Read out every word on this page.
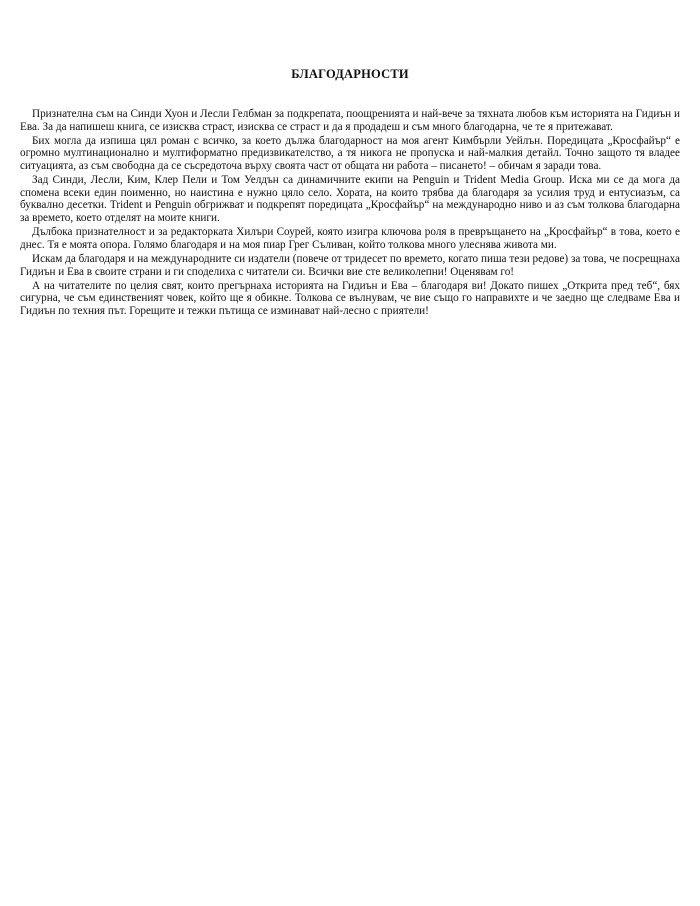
БЛАГОДАРНОСТИ

Признателна съм на Синди Хуон и Лесли Гелбман за подкрепата, поощренията и най-вече за тяхната любов към историята на Гидиън и Ева. За да напишеш книга, се изисква страст, изисква се страст и да я продадеш и съм много благодарна, че те я притежават.

Бих могла да изпиша цял роман с всичко, за което дължа благодарност на моя агент Кимбърли Уейлън. Поредицата „Кросфайър“ е огромно мултинационално и мултиформатно предизвикателство, а тя никога не пропуска и най-малкия детайл. Точно защото тя владее ситуацията, аз съм свободна да се съсредоточа върху своята част от общата ни работа – писането! – обичам я заради това.

Зад Синди, Лесли, Ким, Клер Пели и Том Уелдън са динамичните екипи на Penguin и Trident Media Group. Иска ми се да мога да спомена всеки един поименно, но наистина е нужно цяло село. Хората, на които трябва да благодаря за усилия труд и ентусиазъм, са буквално десетки. Trident и Penguin обгрижват и подкрепят поредицата „Кросфайър“ на международно ниво и аз съм толкова благодарна за времето, което отделят на моите книги.

Дълбока признателност и за редакторката Хилъри Соурей, която изигра ключова роля в превръщането на „Кросфайър“ в това, което е днес. Тя е моята опора. Голямо благодаря и на моя пиар Грег Съливан, който толкова много улеснява живота ми.

Искам да благодаря и на международните си издатели (повече от тридесет по времето, когато пиша тези редове) за това, че посрещнаха Гидиън и Ева в своите страни и ги споделиха с читатели си. Всички вие сте великолепни! Оценявам го!

А на читателите по целия свят, които прегърнаха историята на Гидиън и Ева – благодаря ви! Докато пишех „Открита пред теб“, бях сигурна, че съм единственият човек, който ще я обикне. Толкова се вълнувам, че вие също го направихте и че заедно ще следваме Ева и Гидиън по техния път. Горещите и тежки пътища се изминават най-лесно с приятели!
